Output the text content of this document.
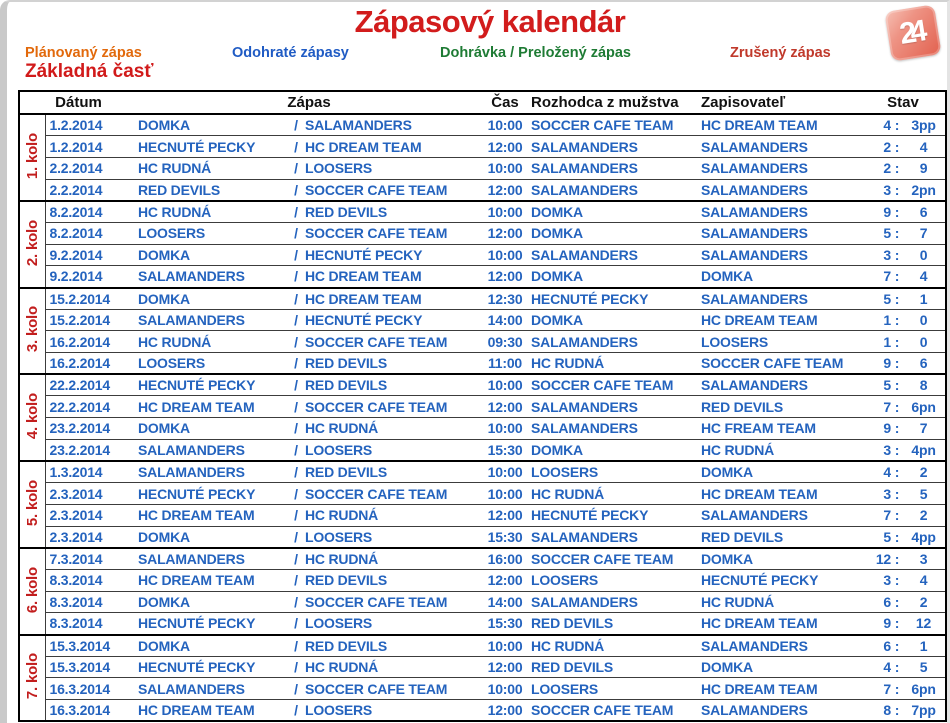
Zápasový kalendár	24
Plánovaný zápas	Odohraté zápasy	Dohrávka / Preložený zápas	Zrušený zápas
Základná časť
Dátum		Zápas			Čas	Rozhodca z mužstva	Zapisovateľ	Stav		
1. kolo	1.2.2014	DOMKA	/	SALAMANDERS	10:00	SOCCER CAFE TEAM	HC DREAM TEAM	4	:	3pp
	1.2.2014	HECNUTÉ PECKY	/	HC DREAM TEAM	12:00	SALAMANDERS	SALAMANDERS	2	:	4
	2.2.2014	HC RUDNÁ	/	LOOSERS	10:00	SALAMANDERS	SALAMANDERS	2	:	9
	2.2.2014	RED DEVILS	/	SOCCER CAFE TEAM	12:00	SALAMANDERS	SALAMANDERS	3	:	2pn
2. kolo	8.2.2014	HC RUDNÁ	/	RED DEVILS	10:00	DOMKA	SALAMANDERS	9	:	6
	8.2.2014	LOOSERS	/	SOCCER CAFE TEAM	12:00	DOMKA	SALAMANDERS	5	:	7
	9.2.2014	DOMKA	/	HECNUTÉ PECKY	10:00	SALAMANDERS	SALAMANDERS	3	:	0
	9.2.2014	SALAMANDERS	/	HC DREAM TEAM	12:00	DOMKA	DOMKA	7	:	4
3. kolo	15.2.2014	DOMKA	/	HC DREAM TEAM	12:30	HECNUTÉ PECKY	SALAMANDERS	5	:	1
	15.2.2014	SALAMANDERS	/	HECNUTÉ PECKY	14:00	DOMKA	HC DREAM TEAM	1	:	0
	16.2.2014	HC RUDNÁ	/	SOCCER CAFE TEAM	09:30	SALAMANDERS	LOOSERS	1	:	0
	16.2.2014	LOOSERS	/	RED DEVILS	11:00	HC RUDNÁ	SOCCER CAFE TEAM	9	:	6
4. kolo	22.2.2014	HECNUTÉ PECKY	/	RED DEVILS	10:00	SOCCER CAFE TEAM	SALAMANDERS	5	:	8
	22.2.2014	HC DREAM TEAM	/	SOCCER CAFE TEAM	12:00	SALAMANDERS	RED DEVILS	7	:	6pn
	23.2.2014	DOMKA	/	HC RUDNÁ	10:00	SALAMANDERS	HC FREAM TEAM	9	:	7
	23.2.2014	SALAMANDERS	/	LOOSERS	15:30	DOMKA	HC RUDNÁ	3	:	4pn
5. kolo	1.3.2014	SALAMANDERS	/	RED DEVILS	10:00	LOOSERS	DOMKA	4	:	2
	2.3.2014	HECNUTÉ PECKY	/	SOCCER CAFE TEAM	10:00	HC RUDNÁ	HC DREAM TEAM	3	:	5
	2.3.2014	HC DREAM TEAM	/	HC RUDNÁ	12:00	HECNUTÉ PECKY	SALAMANDERS	7	:	2
	2.3.2014	DOMKA	/	LOOSERS	15:30	SALAMANDERS	RED DEVILS	5	:	4pp
6. kolo	7.3.2014	SALAMANDERS	/	HC RUDNÁ	16:00	SOCCER CAFE TEAM	DOMKA	12	:	3
	8.3.2014	HC DREAM TEAM	/	RED DEVILS	12:00	LOOSERS	HECNUTÉ PECKY	3	:	4
	8.3.2014	DOMKA	/	SOCCER CAFE TEAM	14:00	SALAMANDERS	HC RUDNÁ	6	:	2
	8.3.2014	HECNUTÉ PECKY	/	LOOSERS	15:30	RED DEVILS	HC DREAM TEAM	9	:	12
7. kolo	15.3.2014	DOMKA	/	RED DEVILS	10:00	HC RUDNÁ	SALAMANDERS	6	:	1
	15.3.2014	HECNUTÉ PECKY	/	HC RUDNÁ	12:00	RED DEVILS	DOMKA	4	:	5
	16.3.2014	SALAMANDERS	/	SOCCER CAFE TEAM	10:00	LOOSERS	HC DREAM TEAM	7	:	6pn
	16.3.2014	HC DREAM TEAM	/	LOOSERS	12:00	SOCCER CAFE TEAM	SALAMANDERS	8	:	7pp
